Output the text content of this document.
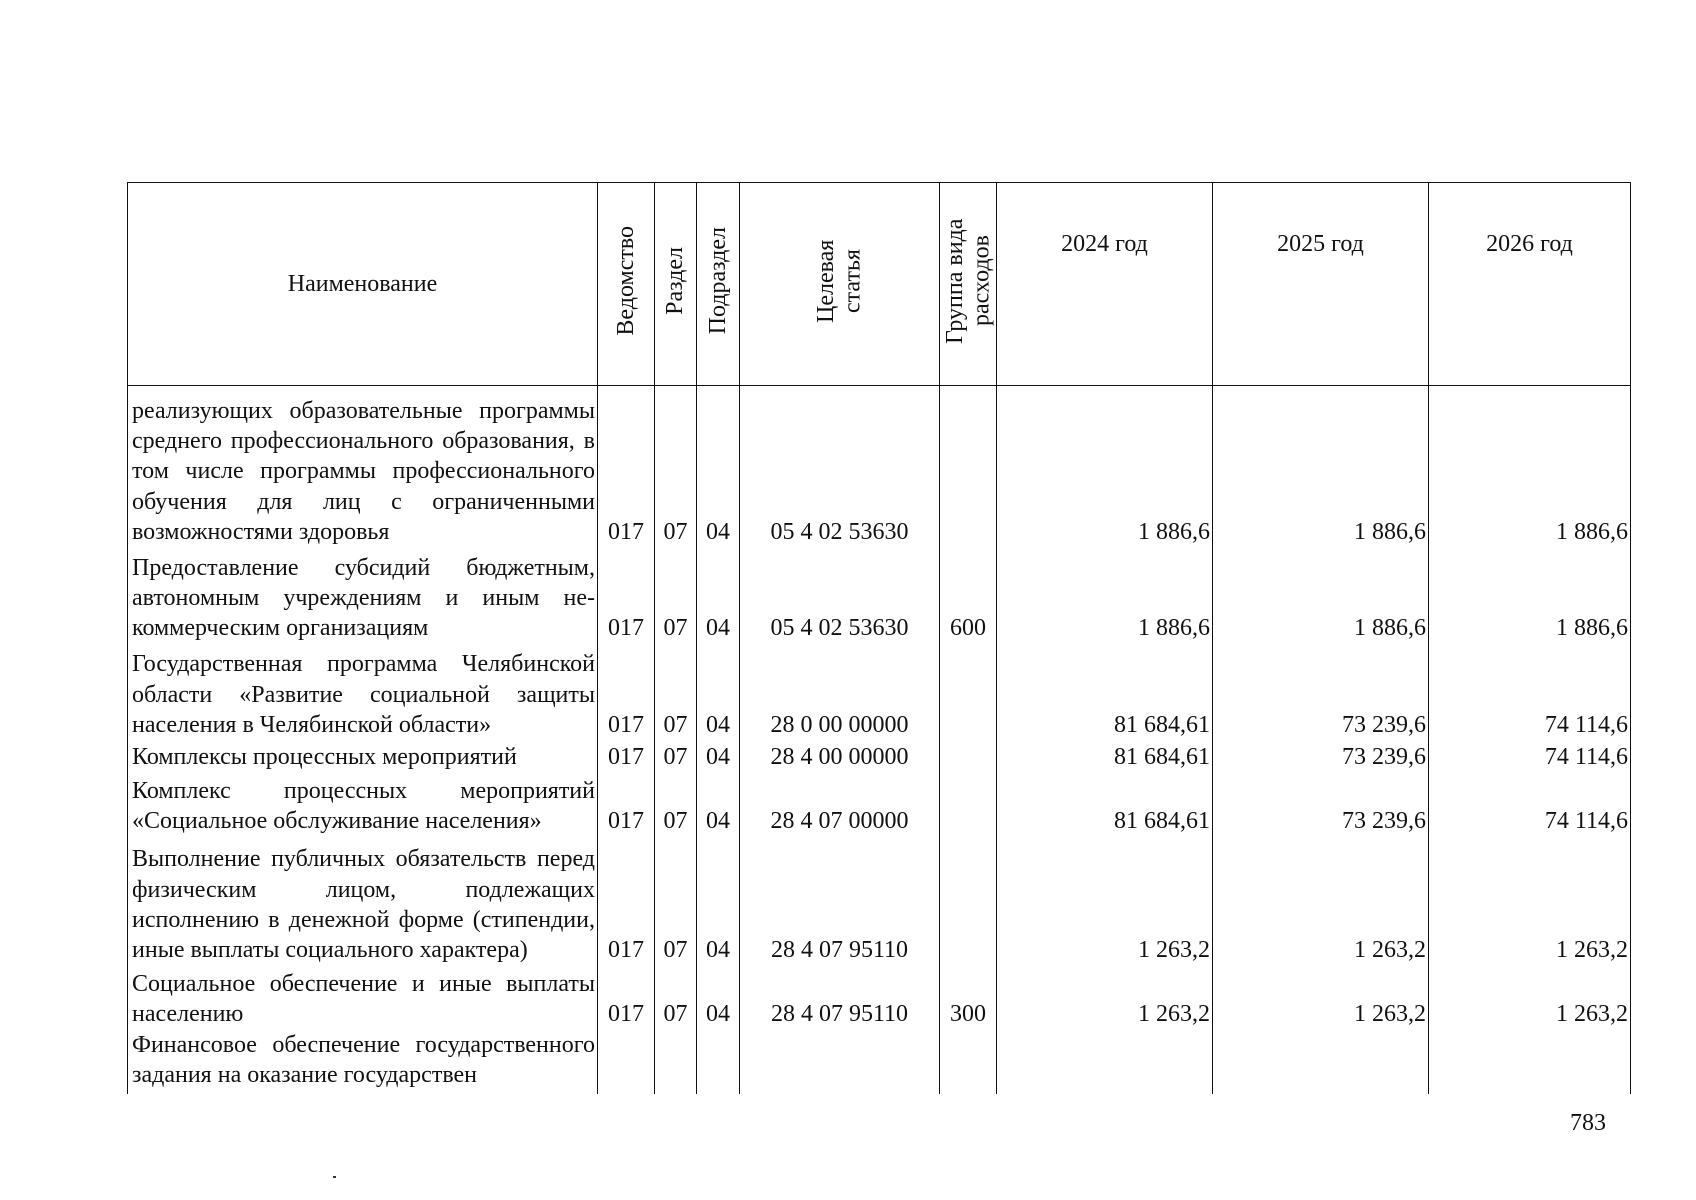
Наименование	Ведомство	Раздел	Подраздел	Целевая статья	Группа вида расходов	2024 год	2025 год	2026 год
реализующих образовательные программы среднего профессионального образования, в том числе программы профессионального обучения для лиц с ограниченными возможностями здоровья	017	07	04	05 4 02 53630		1 886,6	1 886,6	1 886,6
Предоставление субсидий бюджетным, автономным учреждениям и иным некоммерческим организациям	017	07	04	05 4 02 53630	600	1 886,6	1 886,6	1 886,6
Государственная программа Челябинской области «Развитие социальной защиты населения в Челябинской области»	017	07	04	28 0 00 00000		81 684,61	73 239,6	74 114,6
Комплексы процессных мероприятий	017	07	04	28 4 00 00000		81 684,61	73 239,6	74 114,6
Комплекс процессных мероприятий «Социальное обслуживание населения»	017	07	04	28 4 07 00000		81 684,61	73 239,6	74 114,6
Выполнение публичных обязательств перед физическим лицом, подлежащих исполнению в денежной форме (стипендии, иные выплаты социального характера)	017	07	04	28 4 07 95110		1 263,2	1 263,2	1 263,2
Социальное обеспечение и иные выплаты населению	017	07	04	28 4 07 95110	300	1 263,2	1 263,2	1 263,2
Финансовое обеспечение государственного задания на оказание государствен								
783
